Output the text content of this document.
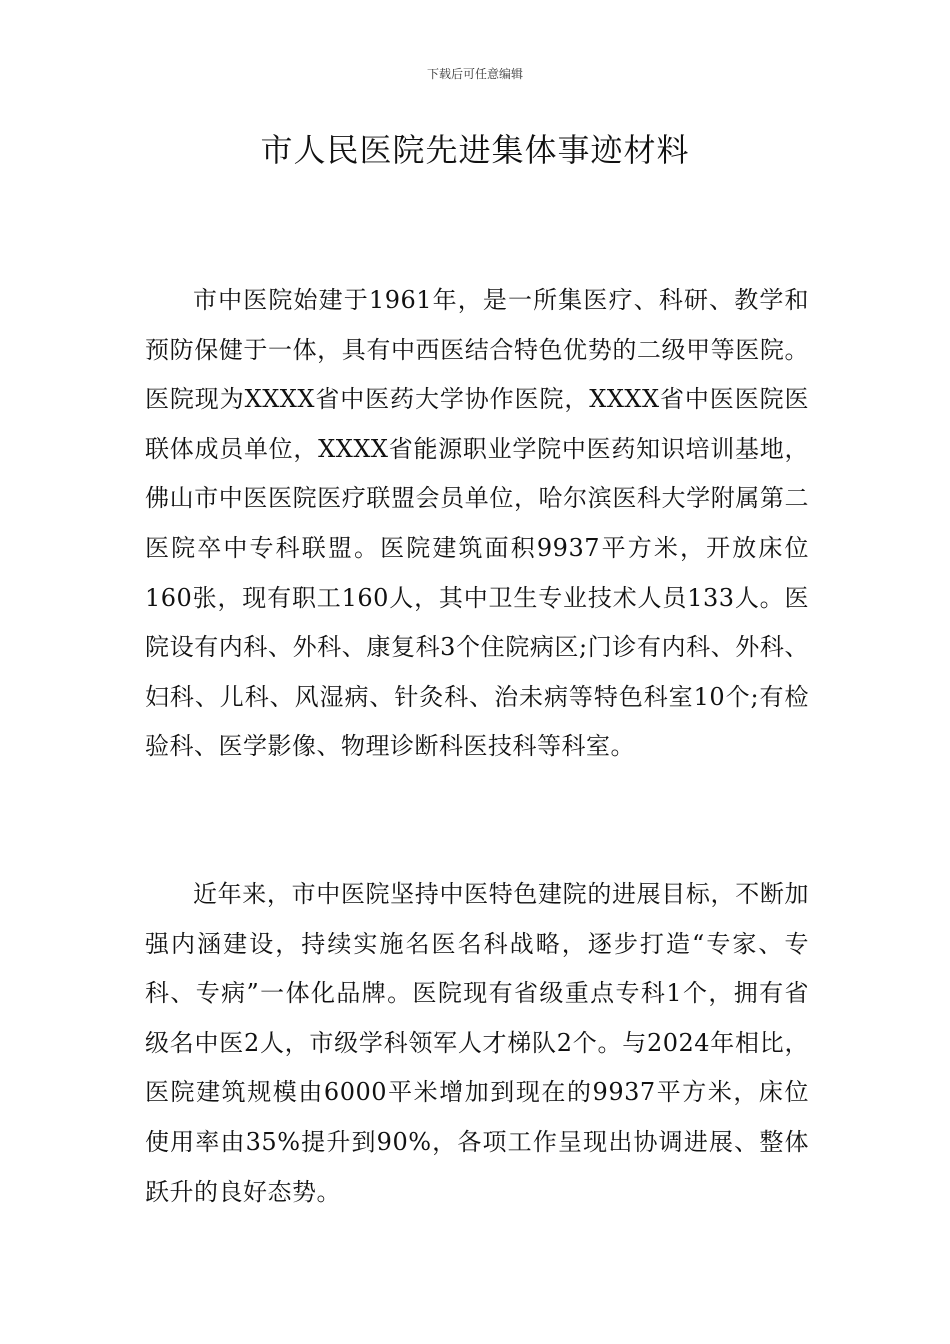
下载后可任意编辑
市人民医院先进集体事迹材料

市中医院始建于1961年，是一所集医疗、科研、教学和预防保健于一体，具有中西医结合特色优势的二级甲等医院。医院现为XXXX省中医药大学协作医院，XXXX省中医医院医联体成员单位，XXXX省能源职业学院中医药知识培训基地，佛山市中医医院医疗联盟会员单位，哈尔滨医科大学附属第二医院卒中专科联盟。医院建筑面积9937平方米，开放床位160张，现有职工160人，其中卫生专业技术人员133人。医院设有内科、外科、康复科3个住院病区;门诊有内科、外科、妇科、儿科、风湿病、针灸科、治未病等特色科室10个;有检验科、医学影像、物理诊断科医技科等科室。

近年来，市中医院坚持中医特色建院的进展目标，不断加强内涵建设，持续实施名医名科战略，逐步打造“专家、专科、专病”一体化品牌。医院现有省级重点专科1个，拥有省级名中医2人，市级学科领军人才梯队2个。与2024年相比，医院建筑规模由6000平米增加到现在的9937平方米，床位使用率由35%提升到90%，各项工作呈现出协调进展、整体跃升的良好态势。
